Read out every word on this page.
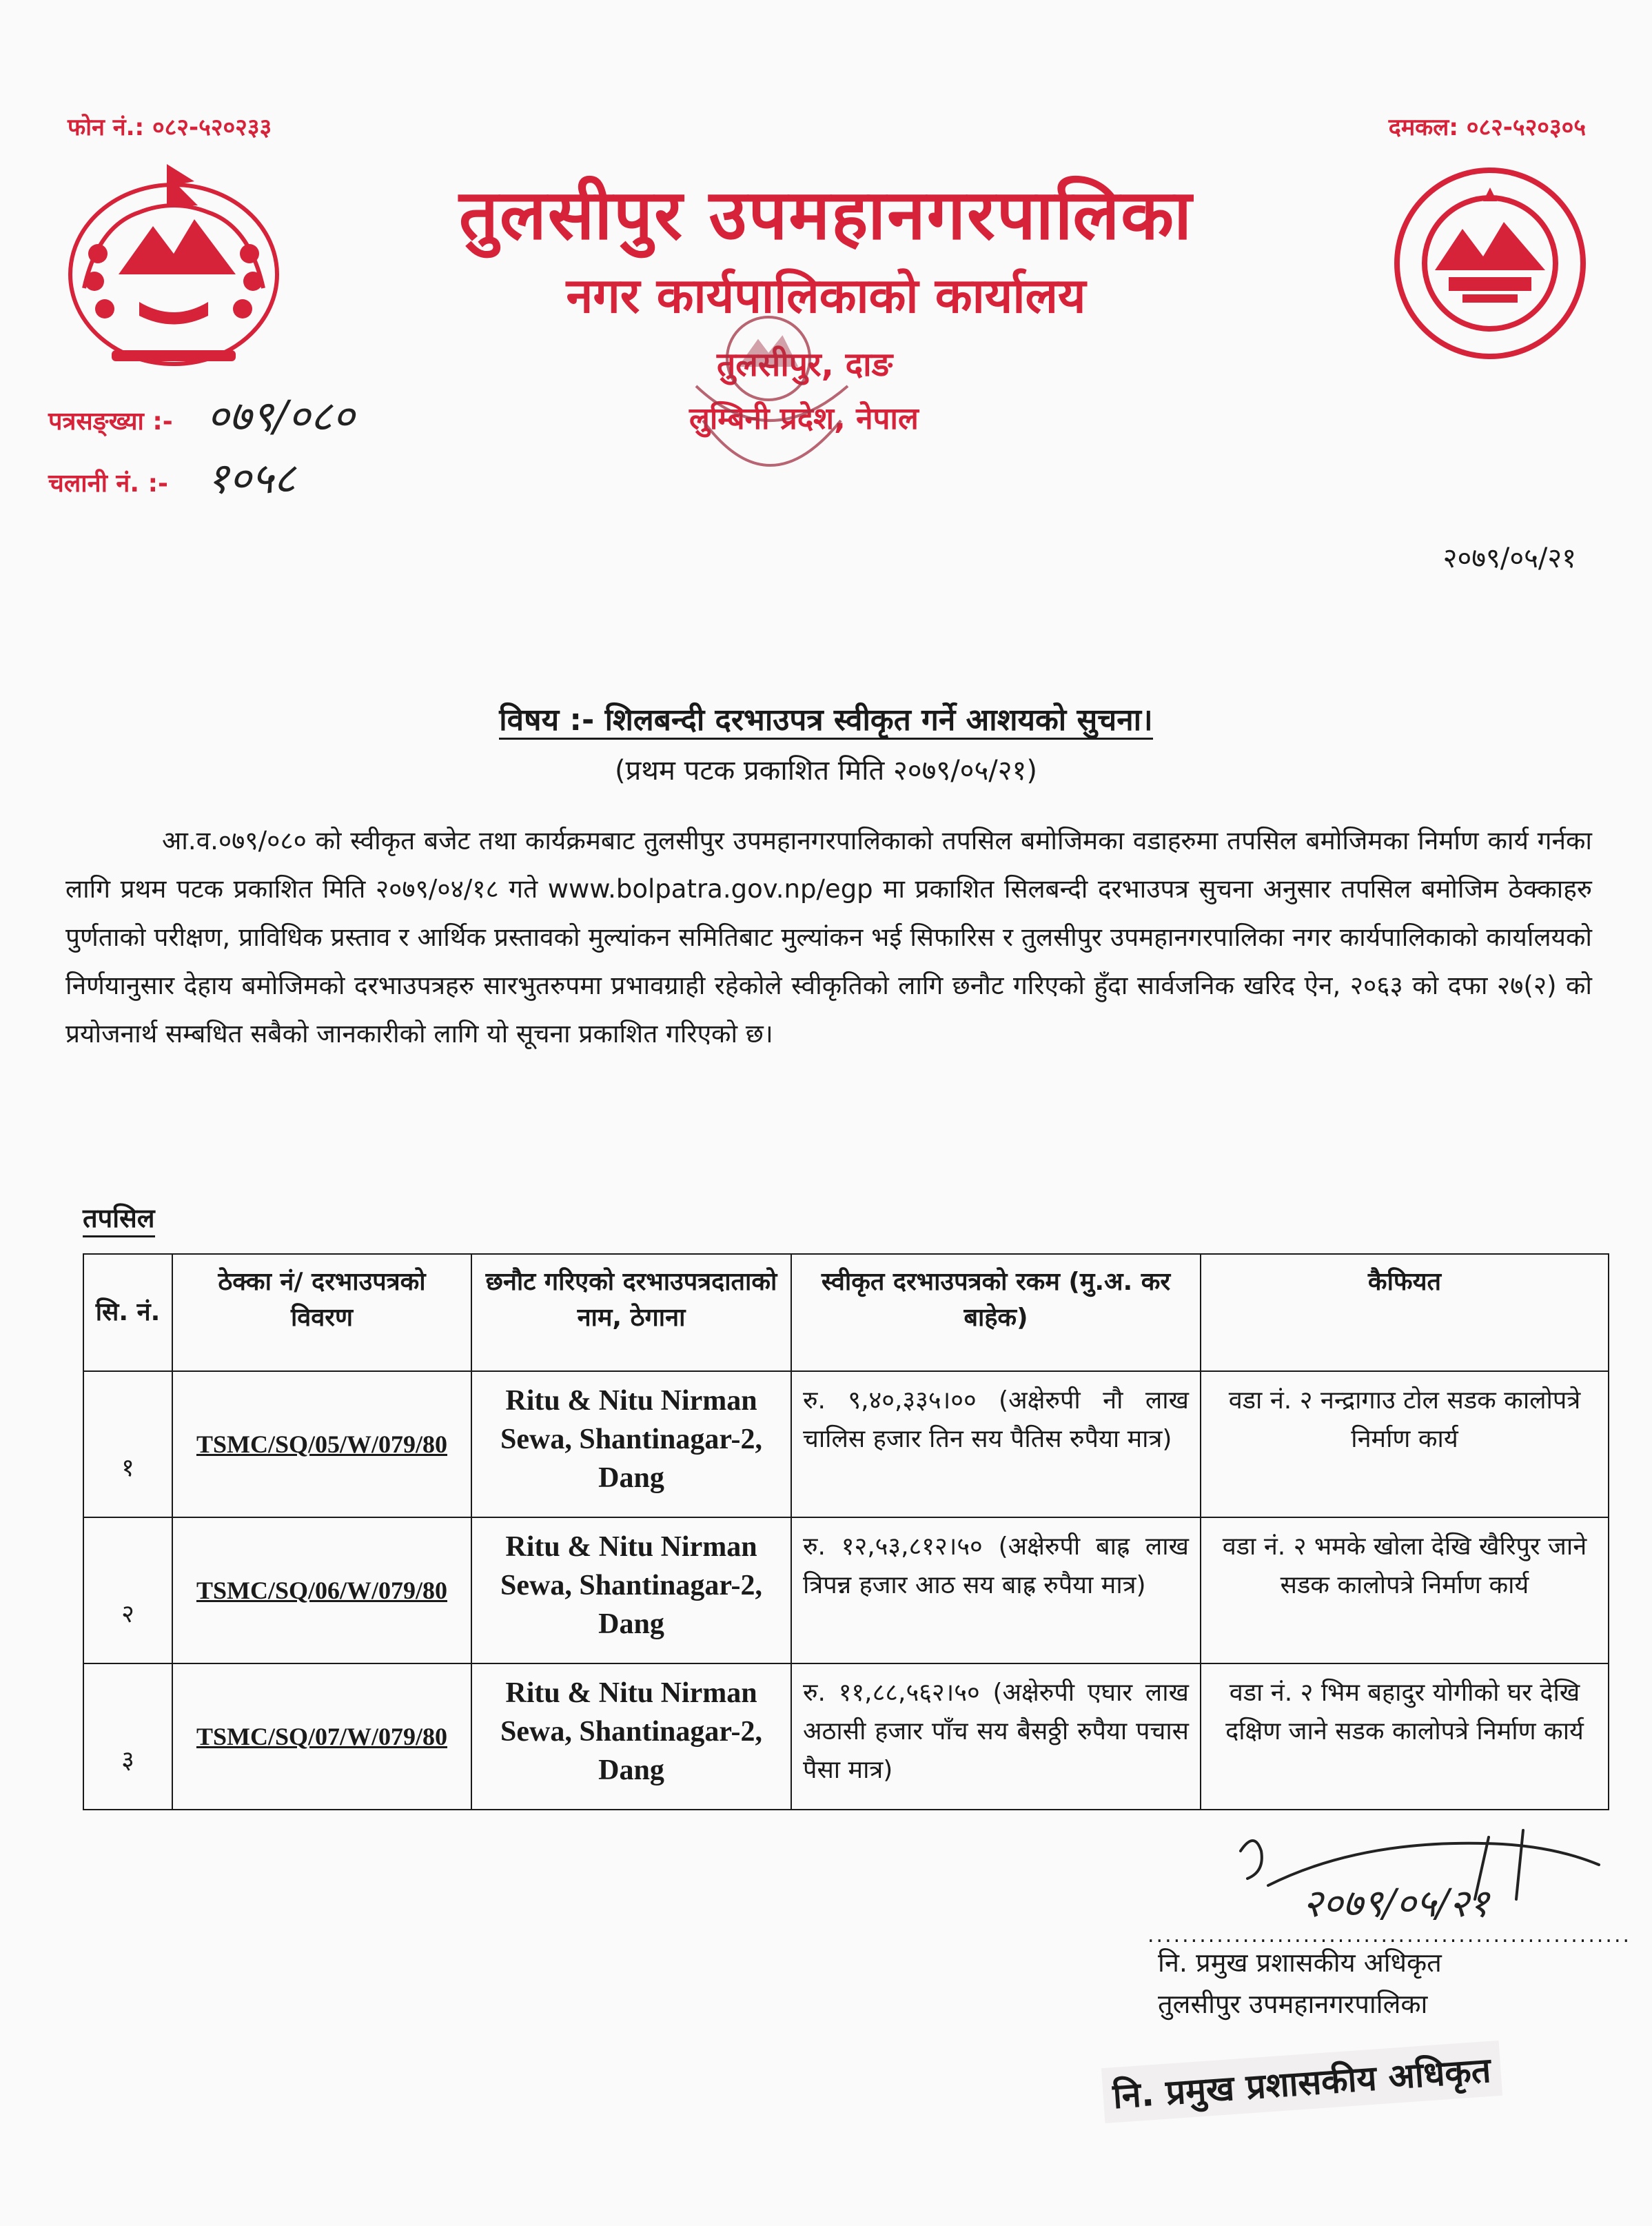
फोन नं.: ०८२-५२०२३३	दमकल: ०८२-५२०३०५
तुलसीपुर उपमहानगरपालिका
नगर कार्यपालिकाको कार्यालय
तुलसीपुर, दाङ
लुम्बिनी प्रदेश, नेपाल
पत्रसङ्ख्या :- ०७९/०८०
चलानी नं. :- १०५८
२०७९/०५/२१
विषय :- शिलबन्दी दरभाउपत्र स्वीकृत गर्ने आशयको सुचना।
(प्रथम पटक प्रकाशित मिति २०७९/०५/२१)
आ.व.०७९/०८० को स्वीकृत बजेट तथा कार्यक्रमबाट तुलसीपुर उपमहानगरपालिकाको तपसिल बमोजिमका वडाहरुमा तपसिल बमोजिमका निर्माण कार्य गर्नका लागि प्रथम पटक प्रकाशित मिति २०७९/०४/१८ गते www.bolpatra.gov.np/egp मा प्रकाशित सिलबन्दी दरभाउपत्र सुचना अनुसार तपसिल बमोजिम ठेक्काहरु पुर्णताको परीक्षण, प्राविधिक प्रस्ताव र आर्थिक प्रस्तावको मुल्यांकन समितिबाट मुल्यांकन भई सिफारिस र तुलसीपुर उपमहानगरपालिका नगर कार्यपालिकाको कार्यालयको निर्णयानुसार देहाय बमोजिमको दरभाउपत्रहरु सारभुतरुपमा प्रभावग्राही रहेकोले स्वीकृतिको लागि छनौट गरिएको हुँदा सार्वजनिक खरिद ऐन, २०६३ को दफा २७(२) को प्रयोजनार्थ सम्बधित सबैको जानकारीको लागि यो सूचना प्रकाशित गरिएको छ।
तपसिल
सि. नं.	ठेक्का नं/ दरभाउपत्रको विवरण	छनौट गरिएको दरभाउपत्रदाताको नाम, ठेगाना	स्वीकृत दरभाउपत्रको रकम (मु.अ. कर बाहेक)	कैफियत

१	TSMC/SQ/05/W/079/80	Ritu & Nitu Nirman Sewa, Shantinagar-2, Dang	रु. ९,४०,३३५।०० (अक्षेरुपी नौ लाख चालिस हजार तिन सय पैतिस रुपैया मात्र)	वडा नं. २ नन्द्रागाउ टोल सडक कालोपत्रे निर्माण कार्य

२	TSMC/SQ/06/W/079/80	Ritu & Nitu Nirman Sewa, Shantinagar-2, Dang	रु. १२,५३,८१२।५० (अक्षेरुपी बाह्र लाख त्रिपन्न हजार आठ सय बाह्र रुपैया मात्र)	वडा नं. २ भमके खोला देखि खैरिपुर जाने सडक कालोपत्रे निर्माण कार्य

३	TSMC/SQ/07/W/079/80	Ritu & Nitu Nirman Sewa, Shantinagar-2, Dang	रु. ११,८८,५६२।५० (अक्षेरुपी एघार लाख अठासी हजार पाँच सय बैसठ्ठी रुपैया पचास पैसा मात्र)	वडा नं. २ भिम बहादुर योगीको घर देखि दक्षिण जाने सडक कालोपत्रे निर्माण कार्य
२०७९/०५/२१
........................................................
नि. प्रमुख प्रशासकीय अधिकृत
तुलसीपुर उपमहानगरपालिका
नि. प्रमुख प्रशासकीय अधिकृत
